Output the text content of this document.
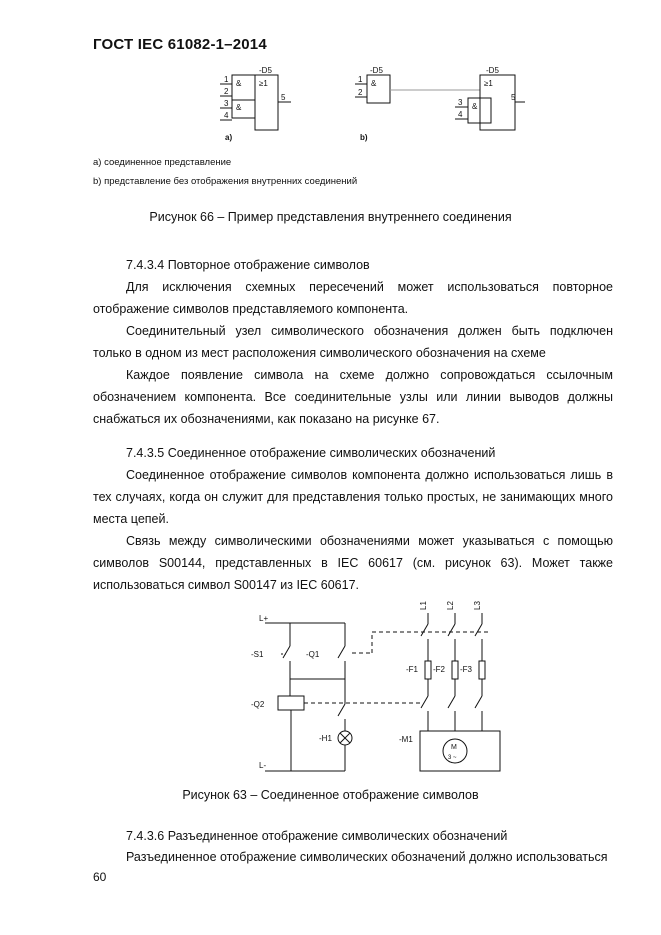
ГОСТ IEC 61082-1–2014
-D5
&
&
≥1
1
2
3
4
5
a)
-D5	-D5
&
&
≥1
1
2
3
4
5
b)
a) соединенное представление
b) представление без отображения внутренних соединений
Рисунок 66 – Пример представления внутреннего соединения
7.4.3.4 Повторное отображение символов
Для исключения схемных пересечений может использоваться повторное отображение символов представляемого компонента.
Соединительный узел символического обозначения должен быть подключен только в одном из мест расположения символического обозначения на схеме
Каждое появление символа на схеме должно сопровождаться ссылочным обозначением компонента. Все соединительные узлы или линии выводов должны снабжаться их обозначениями, как показано на рисунке 67.
7.4.3.5 Соединенное отображение символических обозначений
Соединенное отображение символов компонента должно использоваться лишь в тех случаях, когда он служит для представления только простых, не занимающих много места цепей.
Связь между символическими обозначениями может указываться с помощью символов S00144, представленных в IEC 60617 (см. рисунок 63). Может также использоваться символ S00147 из IEC 60617.
L+
L-
-S1	-Q1
-Q2
-H1
L1 L2 L3
-F1 -F2 -F3
-M1
M
3 ~
Рисунок 63 – Соединенное отображение символов
7.4.3.6 Разъединенное отображение символических обозначений
Разъединенное отображение символических обозначений должно использоваться
60
